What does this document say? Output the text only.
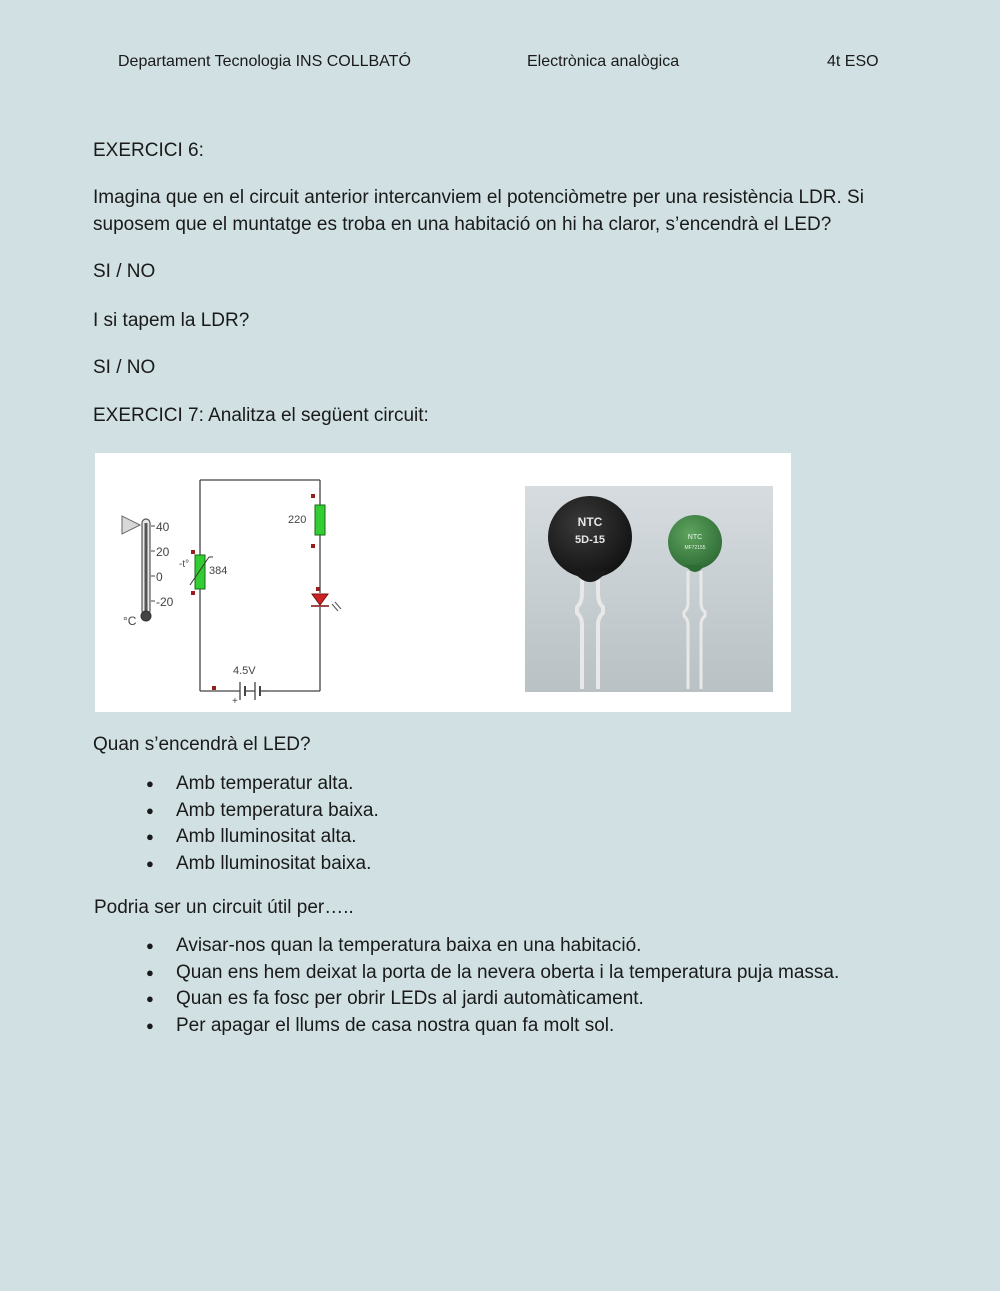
Departament Tecnologia INS COLLBATÓ	Electrònica analògica	4t ESO

EXERCICI 6:

Imagina que en el circuit anterior intercanviem el potenciòmetre per una resistència LDR. Si suposem que el muntatge es troba en una habitació on hi ha claror, s’encendrà el LED?

SI / NO

I si tapem la LDR?

SI / NO

EXERCICI 7: Analitza el següent circuit:

40
20
0
-20
°C
-t°
384
220
4.5V
+
NTC
5D-15	NTC
MF72155

Quan s’encendrà el LED?

● Amb temperatur alta.
● Amb temperatura baixa.
● Amb lluminositat alta.
● Amb lluminositat baixa.

Podria ser un circuit útil per…..

● Avisar-nos quan la temperatura baixa en una habitació.
● Quan ens hem deixat la porta de la nevera oberta i la temperatura puja massa.
● Quan es fa fosc per obrir LEDs al jardi automàticament.
● Per apagar el llums de casa nostra quan fa molt sol.
